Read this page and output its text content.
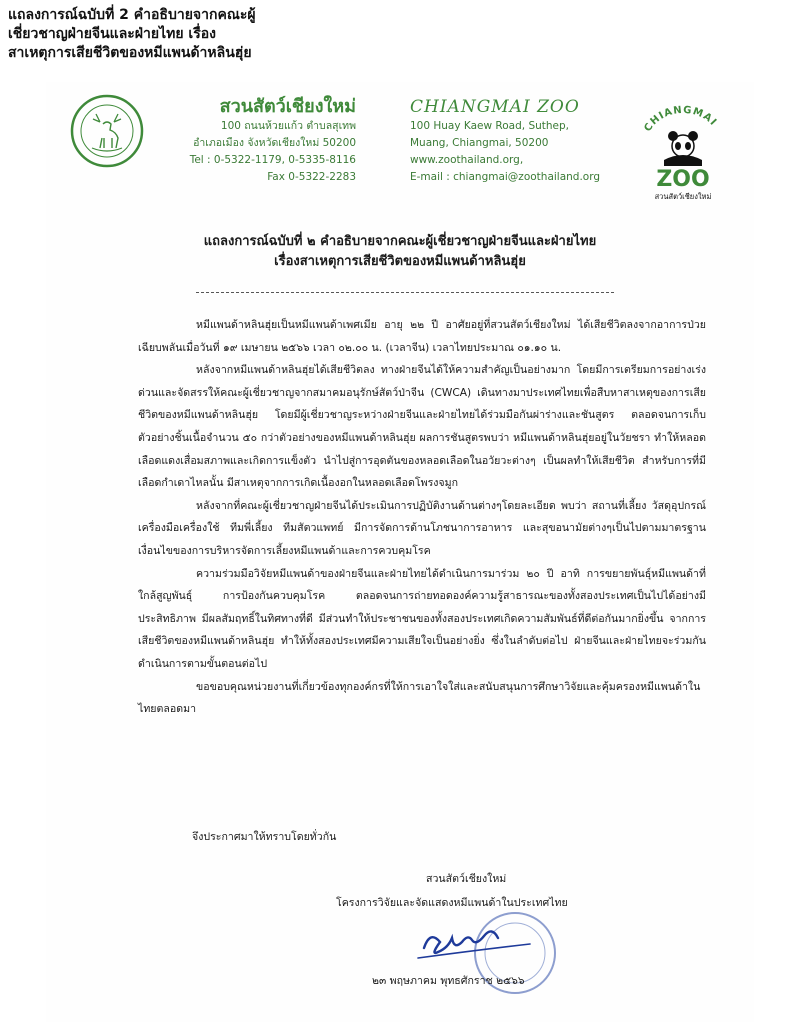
แถลงการณ์ฉบับที่ 2 คำอธิบายจากคณะผู้
เชี่ยวชาญฝ่ายจีนและฝ่ายไทย เรื่อง
สาเหตุการเสียชีวิตของหมีแพนด้าหลินฮุ่ย
สวนสัตว์เชียงใหม่
100 ถนนห้วยแก้ว ตำบลสุเทพ
อำเภอเมือง จังหวัดเชียงใหม่ 50200
Tel : 0-5322-1179, 0-5335-8116
Fax 0-5322-2283
CHIANGMAI ZOO
100 Huay Kaew Road, Suthep,
Muang, Chiangmai, 50200
www.zoothailand.org,
E-mail : chiangmai@zoothailand.org
CHIANGMAI
ZOO
สวนสัตว์เชียงใหม่
แถลงการณ์ฉบับที่ ๒ คำอธิบายจากคณะผู้เชี่ยวชาญฝ่ายจีนและฝ่ายไทย
เรื่องสาเหตุการเสียชีวิตของหมีแพนด้าหลินฮุ่ย

หมีแพนด้าหลินฮุ่ยเป็นหมีแพนด้าเพศเมีย อายุ ๒๒ ปี อาศัยอยู่ที่สวนสัตว์เชียงใหม่ ได้เสียชีวิตลงจากอาการป่วยเฉียบพลันเมื่อวันที่ ๑๙ เมษายน ๒๕๖๖ เวลา ๐๒.๐๐ น. (เวลาจีน) เวลาไทยประมาณ ๐๑.๑๐ น.

หลังจากหมีแพนด้าหลินฮุ่ยได้เสียชีวิตลง ทางฝ่ายจีนได้ให้ความสำคัญเป็นอย่างมาก โดยมีการเตรียมการอย่างเร่งด่วนและจัดสรรให้คณะผู้เชี่ยวชาญจากสมาคมอนุรักษ์สัตว์ป่าจีน (CWCA) เดินทางมาประเทศไทยเพื่อสืบหาสาเหตุของการเสียชีวิตของหมีแพนด้าหลินฮุ่ย โดยมีผู้เชี่ยวชาญระหว่างฝ่ายจีนและฝ่ายไทยได้ร่วมมือกันผ่าร่างและชันสูตร ตลอดจนการเก็บตัวอย่างชิ้นเนื้อจำนวน ๕๐ กว่าตัวอย่างของหมีแพนด้าหลินฮุ่ย ผลการชันสูตรพบว่า หมีแพนด้าหลินฮุ่ยอยู่ในวัยชรา ทำให้หลอดเลือดแดงเสื่อมสภาพและเกิดการแข็งตัว นำไปสู่การอุดตันของหลอดเลือดในอวัยวะต่างๆ เป็นผลทำให้เสียชีวิต สำหรับการที่มีเลือดกำเดาไหลนั้น มีสาเหตุจากการเกิดเนื้องอกในหลอดเลือดโพรงจมูก

หลังจากที่คณะผู้เชี่ยวชาญฝ่ายจีนได้ประเมินการปฏิบัติงานด้านต่างๆโดยละเอียด พบว่า สถานที่เลี้ยง วัสดุอุปกรณ์ เครื่องมือเครื่องใช้ ทีมพี่เลี้ยง ทีมสัตวแพทย์ มีการจัดการด้านโภชนาการอาหาร และสุขอนามัยต่างๆเป็นไปตามมาตรฐานเงื่อนไขของการบริหารจัดการเลี้ยงหมีแพนด้าและการควบคุมโรค

ความร่วมมือวิจัยหมีแพนด้าของฝ่ายจีนและฝ่ายไทยได้ดำเนินการมาร่วม ๒๐ ปี อาทิ การขยายพันธุ์หมีแพนด้าที่ใกล้สูญพันธุ์ การป้องกันควบคุมโรค ตลอดจนการถ่ายทอดองค์ความรู้สาธารณะของทั้งสองประเทศเป็นไปได้อย่างมีประสิทธิภาพ มีผลสัมฤทธิ์ในทิศทางที่ดี มีส่วนทำให้ประชาชนของทั้งสองประเทศเกิดความสัมพันธ์ที่ดีต่อกันมากยิ่งขึ้น จากการเสียชีวิตของหมีแพนด้าหลินฮุ่ย ทำให้ทั้งสองประเทศมีความเสียใจเป็นอย่างยิ่ง ซึ่งในลำดับต่อไป ฝ่ายจีนและฝ่ายไทยจะร่วมกันดำเนินการตามขั้นตอนต่อไป

ขอขอบคุณหน่วยงานที่เกี่ยวข้องทุกองค์กรที่ให้การเอาใจใส่และสนับสนุนการศึกษาวิจัยและคุ้มครองหมีแพนด้าในไทยตลอดมา

จึงประกาศมาให้ทราบโดยทั่วกัน
สวนสัตว์เชียงใหม่
โครงการวิจัยและจัดแสดงหมีแพนด้าในประเทศไทย
๒๓ พฤษภาคม พุทธศักราช ๒๕๖๖
